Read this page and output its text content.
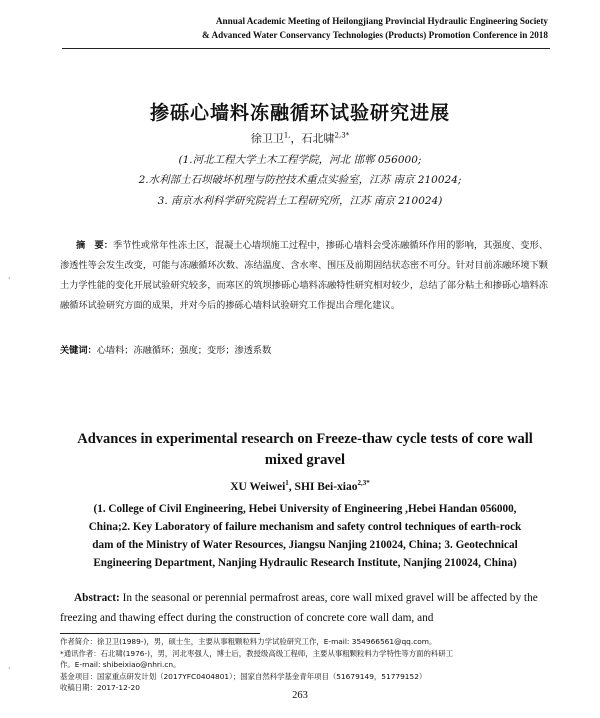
Annual Academic Meeting of Heilongjiang Provincial Hydraulic Engineering Society
& Advanced Water Conservancy Technologies (Products) Promotion Conference in 2018
掺砾心墙料冻融循环试验研究进展
徐卫卫$^{1,}$，石北啸$^{2,3*}$
(1.河北工程大学土木工程学院，河北 邯郸 056000;
2.水利部土石坝破坏机理与防控技术重点实验室，江苏 南京 210024;
3. 南京水利科学研究院岩土工程研究所，江苏 南京 210024)
摘　要：季节性或常年性冻土区，混凝土心墙坝施工过程中，掺砾心墙料会受冻融循环作用的影响，其强度、变形、渗透性等会发生改变，可能与冻融循环次数、冻结温度、含水率、围压及前期固结状态密不可分。针对目前冻融环境下颗土力学性能的变化开展试验研究较多，而寒区的筑坝掺砾心墙料冻融特性研究相对较少，总结了部分粘土和掺砾心墙料冻融循环试验研究方面的成果，并对今后的掺砾心墙料试验研究工作提出合理化建议。
关键词：心墙料；冻融循环；强度；变形；渗透系数
Advances in experimental research on Freeze-thaw cycle tests of core wall
mixed gravel
XU Weiwei$^1$, SHI Bei-xiao$^{2,3*}$
(1. College of Civil Engineering, Hebei University of Engineering ,Hebei Handan 056000,
China;2. Key Laboratory of failure mechanism and safety control techniques of earth-rock
dam of the Ministry of Water Resources, Jiangsu Nanjing 210024, China; 3. Geotechnical
Engineering Department, Nanjing Hydraulic Research Institute, Nanjing 210024, China)
Abstract: In the seasonal or perennial permafrost areas, core wall mixed gravel will be affected by the freezing and thawing effect during the construction of concrete core wall dam, and
作者简介：徐卫卫(1989-)，男，硕士生，主要从事粗颗粒料力学试验研究工作，E-mail: 354966561@qq.com。
*通讯作者：石北啸(1976-)，男，河北枣强人，博士后，教授级高级工程师，主要从事粗颗粒料力学特性等方面的科研工
作。E-mail: shibeixiao@nhri.cn。
基金项目：国家重点研发计划（2017YFC0404801）；国家自然科学基金青年项目（51679149，51779152）
收稿日期：2017-12-20
263
·
·
